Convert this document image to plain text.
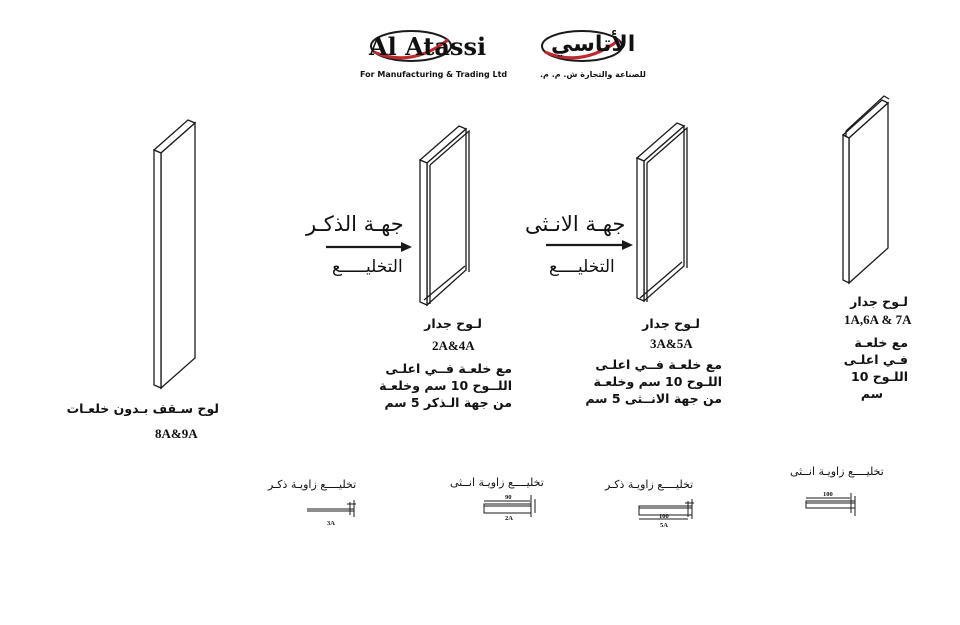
Al Atassi
For Manufacturing & Trading Ltd
الأتاسي
للصناعة والتجارة ش. م. م.
جهـة الذكـر
التخليـــــع
جهـة الانـثى
التخليــــع
لوح سـقف بـدون خلعـات
8A&9A
لـوح جدار
2A&4A
مع خلعـة فــي اعلـى
اللــوح 10 سم وخلعـة
من جهة الـذكر 5 سم
لـوح جدار
3A&5A
مع خلعـة فــي اعلـى
اللـوح 10 سم وخلعـة
من جهة الانــثى 5 سم
لـوح جدار
1A,6A & 7A
مع خلعـة
فـي اعلـى
اللـوح 10
سم
تخليــــع زاويـة ذكـر
3A
تخليــــع زاويـة انــثى
90
2A
تخليــــع زاويـة ذكـر
100
5A
تخليــــع زاويـة انــثى
100
